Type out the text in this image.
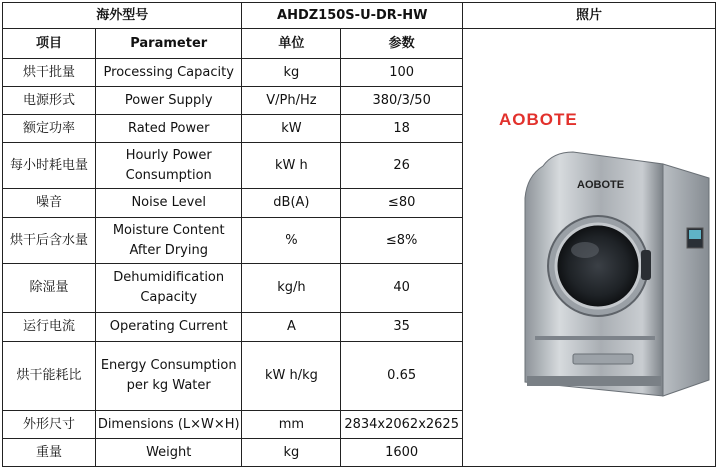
海外型号		AHDZ150S-U-DR-HW		照片
项目	Parameter	单位	参数	AOBOTE
AOBOTE

烘干批量	Processing Capacity	kg	100	
电源形式	Power Supply	V/Ph/Hz	380/3/50	
额定功率	Rated Power	kW	18	
每小时耗电量	Hourly Power Consumption	kW h	26	
噪音	Noise Level	dB(A)	≤80	
烘干后含水量	Moisture Content After Drying	%	≤8%	
除湿量	Dehumidification Capacity	kg/h	40	
运行电流	Operating Current	A	35	
烘干能耗比	Energy Consumption per kg Water	kW h/kg	0.65	
外形尺寸	Dimensions (L×W×H)	mm	2834x2062x2625	
重量	Weight	kg	1600	
